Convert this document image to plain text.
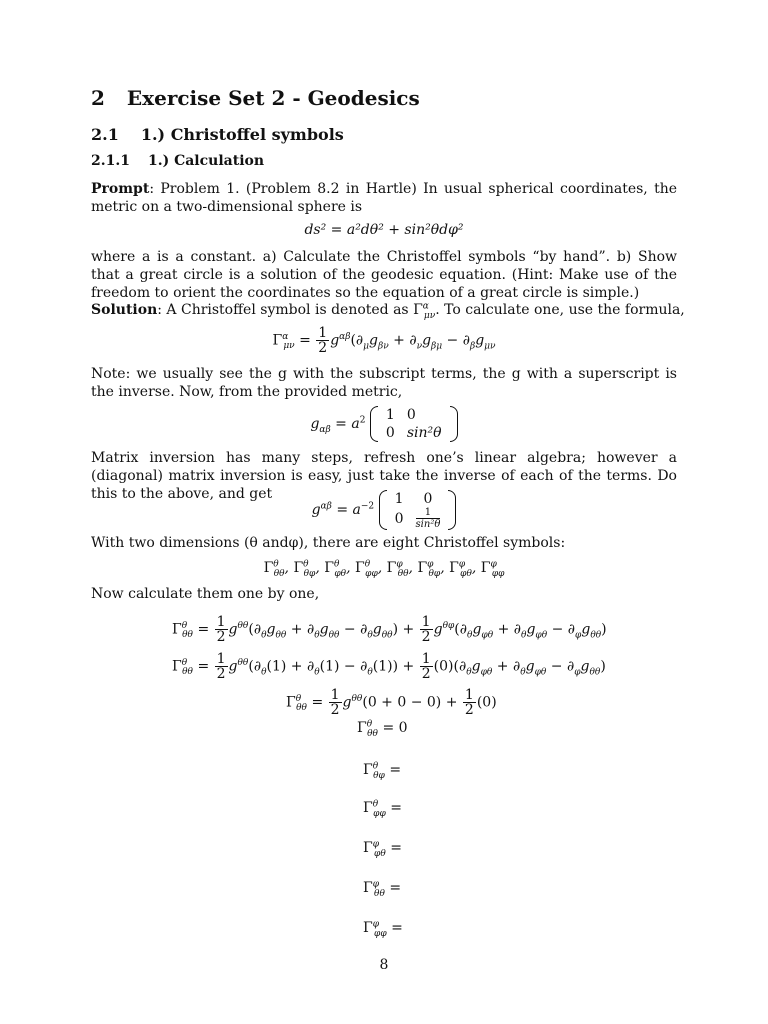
2 Exercise Set 2 - Geodesics
2.1 1.) Christoffel symbols
2.1.1 1.) Calculation
Prompt: Problem 1. (Problem 8.2 in Hartle) In usual spherical coordinates, the metric on a two-dimensional sphere is
ds² = a²dθ² + sin²θdφ²
where a is a constant. a) Calculate the Christoffel symbols “by hand”. b) Show that a great circle is a solution of the geodesic equation. (Hint: Make use of the freedom to orient the coordinates so the equation of a great circle is simple.)
Solution: A Christoffel symbol is denoted as $\Gamma^\alpha_{\mu\nu}$. To calculate one, use the formula,
$\Gamma^\alpha_{\mu\nu} = \frac{1}{2} g^{\alpha\beta}(\partial_\mu g_{\beta\nu} + \partial_\nu g_{\beta\mu} - \partial_\beta g_{\mu\nu}$
Note: we usually see the g with the subscript terms, the g with a superscript is the inverse. Now, from the provided metric,
$g_{\alpha\beta} = a^2$ 1	0
0	sin²θ
Matrix inversion has many steps, refresh one’s linear algebra; however a (diagonal) matrix inversion is easy, just take the inverse of each of the terms. Do this to the above, and get
$g^{\alpha\beta} = a^{-2}$ 1	0
0	$\frac{1}{\text{sin²θ}}$
With two dimensions (θ andφ), there are eight Christoffel symbols:
$\Gamma^\theta_{\theta\theta}$, $\Gamma^\theta_{\theta\varphi}$, $\Gamma^\theta_{\varphi\theta}$, $\Gamma^\theta_{\varphi\varphi}$, $\Gamma^\varphi_{\theta\theta}$, $\Gamma^\varphi_{\theta\varphi}$, $\Gamma^\varphi_{\varphi\theta}$, $\Gamma^\varphi_{\varphi\varphi}$
Now calculate them one by one,
$\Gamma^\theta_{\theta\theta} = \frac{1}{2} g^{\theta\theta}(\partial_\theta g_{\theta\theta} + \partial_\theta g_{\theta\theta} - \partial_\theta g_{\theta\theta}) + \frac{1}{2} g^{\theta\varphi}(\partial_\theta g_{\varphi\theta} + \partial_\theta g_{\varphi\theta} - \partial_\varphi g_{\theta\theta})$
$\Gamma^\theta_{\theta\theta} = \frac{1}{2} g^{\theta\theta}(\partial_\theta(1) + \partial_\theta(1) - \partial_\theta(1)) + \frac{1}{2} (0)(\partial_\theta g_{\varphi\theta} + \partial_\theta g_{\varphi\theta} - \partial_\varphi g_{\theta\theta})$
$\Gamma^\theta_{\theta\theta} = \frac{1}{2} g^{\theta\theta}(0 + 0 - 0) + \frac{1}{2} (0)$
$\Gamma^\theta_{\theta\theta} = 0$
$\Gamma^\theta_{\theta\varphi}$ =
$\Gamma^\theta_{\varphi\varphi}$ =
$\Gamma^\varphi_{\varphi\theta}$ =
$\Gamma^\varphi_{\theta\theta}$ =
$\Gamma^\varphi_{\varphi\varphi}$ =
8
